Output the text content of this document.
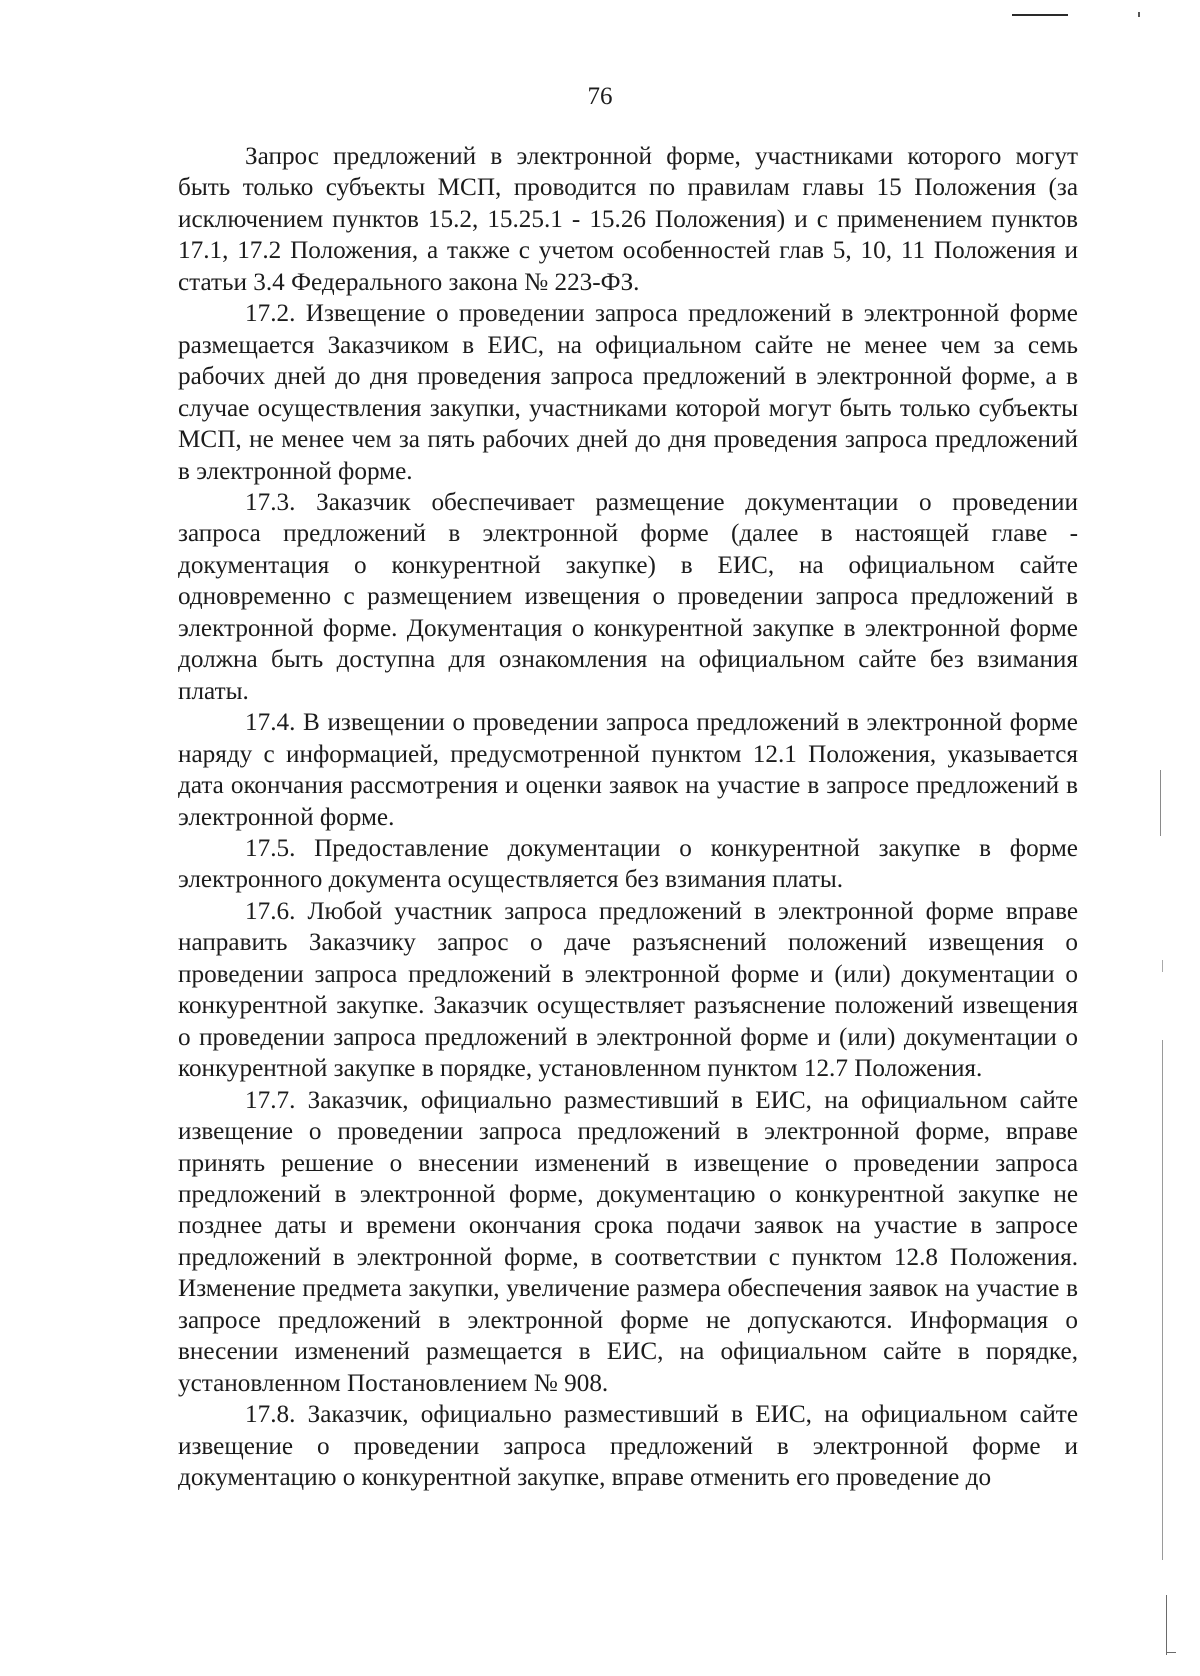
76

Запрос предложений в электронной форме, участниками которого могут быть только субъекты МСП, проводится по правилам главы 15 Положения (за исключением пунктов 15.2, 15.25.1 - 15.26 Положения) и с применением пунктов 17.1, 17.2 Положения, а также с учетом особенностей глав 5, 10, 11 Положения и статьи 3.4 Федерального закона № 223-ФЗ.

17.2. Извещение о проведении запроса предложений в электронной форме размещается Заказчиком в ЕИС, на официальном сайте не менее чем за семь рабочих дней до дня проведения запроса предложений в электронной форме, а в случае осуществления закупки, участниками которой могут быть только субъекты МСП, не менее чем за пять рабочих дней до дня проведения запроса предложений в электронной форме.

17.3. Заказчик обеспечивает размещение документации о проведении запроса предложений в электронной форме (далее в настоящей главе - документация о конкурентной закупке) в ЕИС, на официальном сайте одновременно с размещением извещения о проведении запроса предложений в электронной форме. Документация о конкурентной закупке в электронной форме должна быть доступна для ознакомления на официальном сайте без взимания платы.

17.4. В извещении о проведении запроса предложений в электронной форме наряду с информацией, предусмотренной пунктом 12.1 Положения, указывается дата окончания рассмотрения и оценки заявок на участие в запросе предложений в электронной форме.

17.5. Предоставление документации о конкурентной закупке в форме электронного документа осуществляется без взимания платы.

17.6. Любой участник запроса предложений в электронной форме вправе направить Заказчику запрос о даче разъяснений положений извещения о проведении запроса предложений в электронной форме и (или) документации о конкурентной закупке. Заказчик осуществляет разъяснение положений извещения о проведении запроса предложений в электронной форме и (или) документации о конкурентной закупке в порядке, установленном пунктом 12.7 Положения.

17.7. Заказчик, официально разместивший в ЕИС, на официальном сайте извещение о проведении запроса предложений в электронной форме, вправе принять решение о внесении изменений в извещение о проведении запроса предложений в электронной форме, документацию о конкурентной закупке не позднее даты и времени окончания срока подачи заявок на участие в запросе предложений в электронной форме, в соответствии с пунктом 12.8 Положения. Изменение предмета закупки, увеличение размера обеспечения заявок на участие в запросе предложений в электронной форме не допускаются. Информация о внесении изменений размещается в ЕИС, на официальном сайте в порядке, установленном Постановлением № 908.

17.8. Заказчик, официально разместивший в ЕИС, на официальном сайте извещение о проведении запроса предложений в электронной форме и документацию о конкурентной закупке, вправе отменить его проведение до
